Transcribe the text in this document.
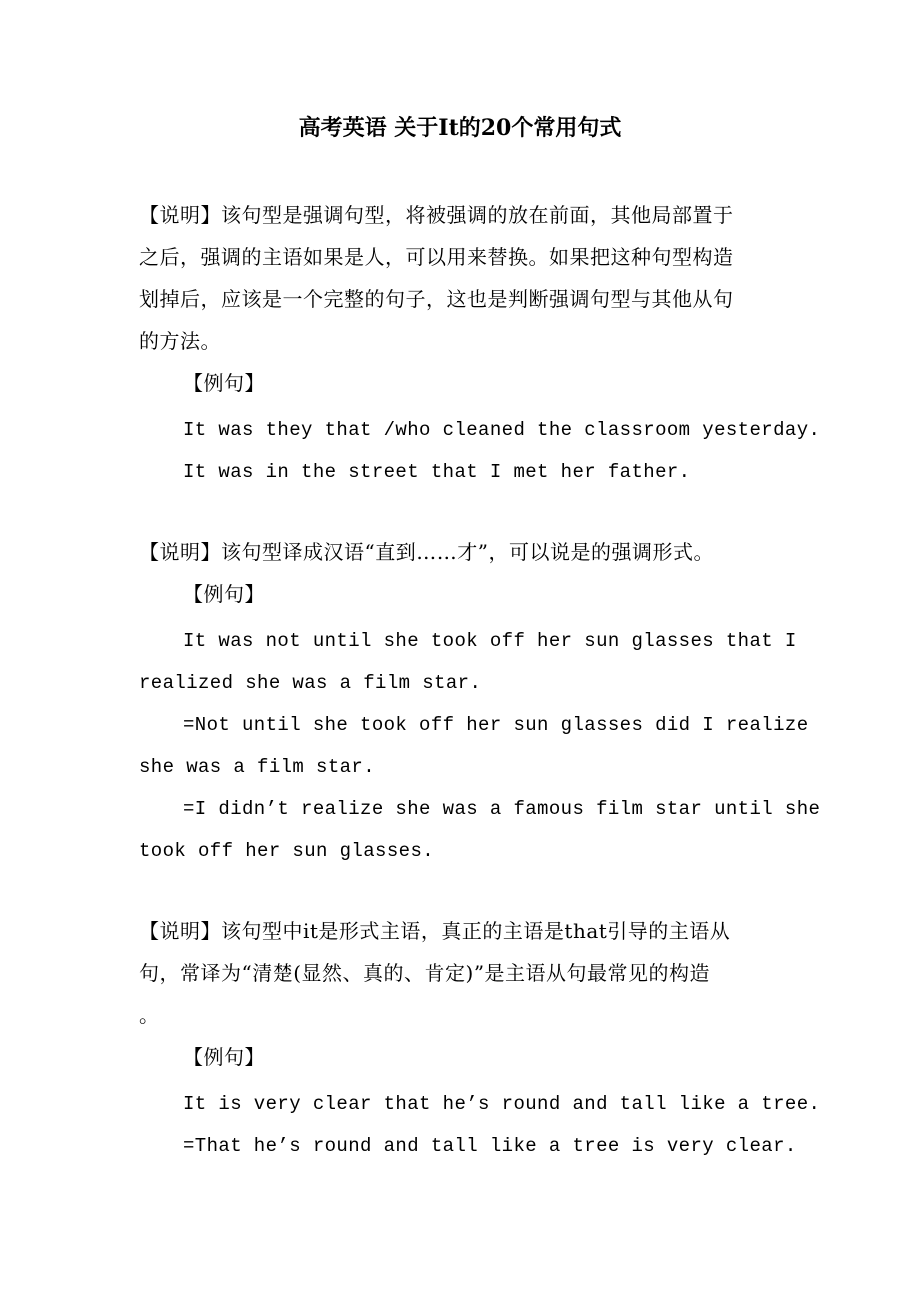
高考英语 关于It的20个常用句式
【说明】该句型是强调句型，将被强调的放在前面，其他局部置于
之后，强调的主语如果是人，可以用来替换。如果把这种句型构造
划掉后，应该是一个完整的句子，这也是判断强调句型与其他从句
的方法。
【例句】
It was they that /who cleaned the classroom yesterday.
It was in the street that I met her father.
【说明】该句型译成汉语“直到……才”，可以说是的强调形式。
【例句】
It was not until she took off her sun glasses that I
realized she was a film star.
=Not until she took off her sun glasses did I realize
she was a film star.
=I didn’t realize she was a famous film star until she
took off her sun glasses.
【说明】该句型中it是形式主语，真正的主语是that引导的主语从
句，常译为“清楚(显然、真的、肯定)”是主语从句最常见的构造
。
【例句】
It is very clear that he’s round and tall like a tree.
=That he’s round and tall like a tree is very clear.
